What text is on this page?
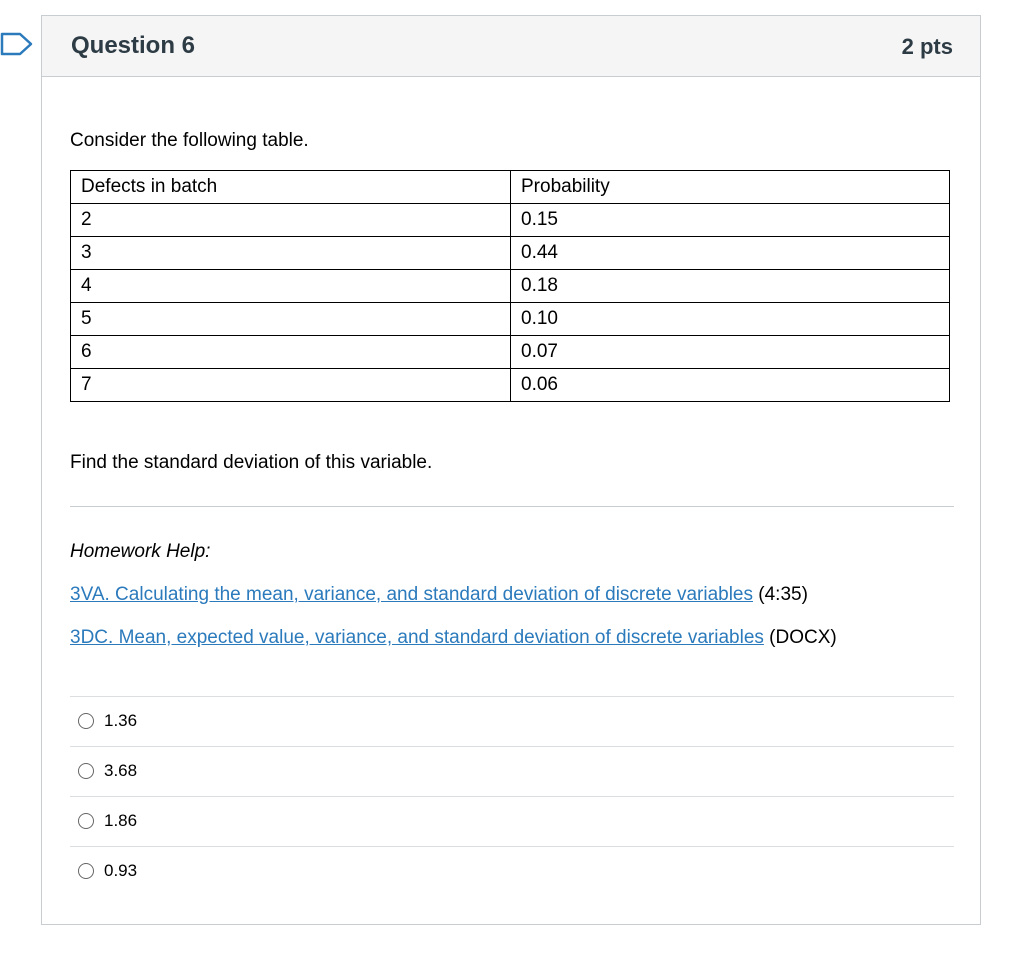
Question 6	2 pts
Consider the following table.
Defects in batch	Probability
2	0.15
3	0.44
4	0.18
5	0.10
6	0.07
7	0.06
Find the standard deviation of this variable.
Homework Help:
3VA. Calculating the mean, variance, and standard deviation of discrete variables (4:35)
3DC. Mean, expected value, variance, and standard deviation of discrete variables (DOCX)
1.36
3.68
1.86
0.93
